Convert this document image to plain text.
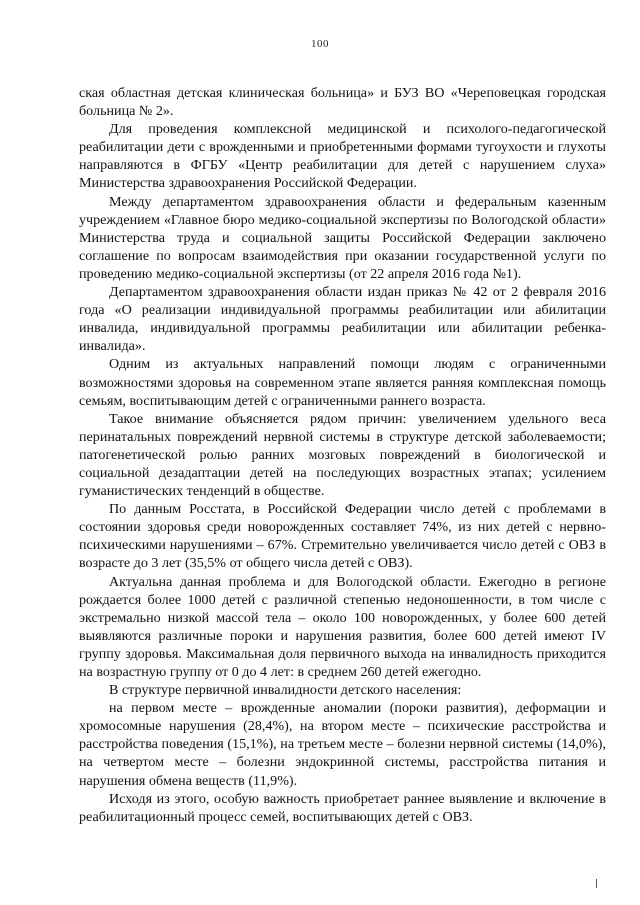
100

ская областная детская клиническая больница» и БУЗ ВО «Череповецкая городская больница № 2».

Для проведения комплексной медицинской и психолого-педагогической реабилитации дети с врожденными и приобретенными формами тугоухости и глухоты направляются в ФГБУ «Центр реабилитации для детей с нарушением слуха» Министерства здравоохранения Российской Федерации.

Между департаментом здравоохранения области и федеральным казенным учреждением «Главное бюро медико-социальной экспертизы по Вологодской области» Министерства труда и социальной защиты Российской Федерации заключено соглашение по вопросам взаимодействия при оказании государственной услуги по проведению медико-социальной экспертизы (от 22 апреля 2016 года №1).

Департаментом здравоохранения области издан приказ № 42 от 2 февраля 2016 года «О реализации индивидуальной программы реабилитации или абилитации инвалида, индивидуальной программы реабилитации или абилитации ребенка-инвалида».

Одним из актуальных направлений помощи людям с ограниченными возможностями здоровья на современном этапе является ранняя комплексная помощь семьям, воспитывающим детей с ограниченными раннего возраста.

Такое внимание объясняется рядом причин: увеличением удельного веса перинатальных повреждений нервной системы в структуре детской заболеваемости; патогенетической ролью ранних мозговых повреждений в биологической и социальной дезадаптации детей на последующих возрастных этапах; усилением гуманистических тенденций в обществе.

По данным Росстата, в Российской Федерации число детей с проблемами в состоянии здоровья среди новорожденных составляет 74%, из них детей с нервно-психическими нарушениями – 67%. Стремительно увеличивается число детей с ОВЗ в возрасте до 3 лет (35,5% от общего числа детей с ОВЗ).

Актуальна данная проблема и для Вологодской области. Ежегодно в регионе рождается более 1000 детей с различной степенью недоношенности, в том числе с экстремально низкой массой тела – около 100 новорожденных, у более 600 детей выявляются различные пороки и нарушения развития, более 600 детей имеют IV группу здоровья. Максимальная доля первичного выхода на инвалидность приходится на возрастную группу от 0 до 4 лет: в среднем 260 детей ежегодно.

В структуре первичной инвалидности детского населения:

на первом месте – врожденные аномалии (пороки развития), деформации и хромосомные нарушения (28,4%), на втором месте – психические расстройства и расстройства поведения (15,1%), на третьем месте – болезни нервной системы (14,0%), на четвертом месте – болезни эндокринной системы, расстройства питания и нарушения обмена веществ (11,9%).

Исходя из этого, особую важность приобретает раннее выявление и включение в реабилитационный процесс семей, воспитывающих детей с ОВЗ.
